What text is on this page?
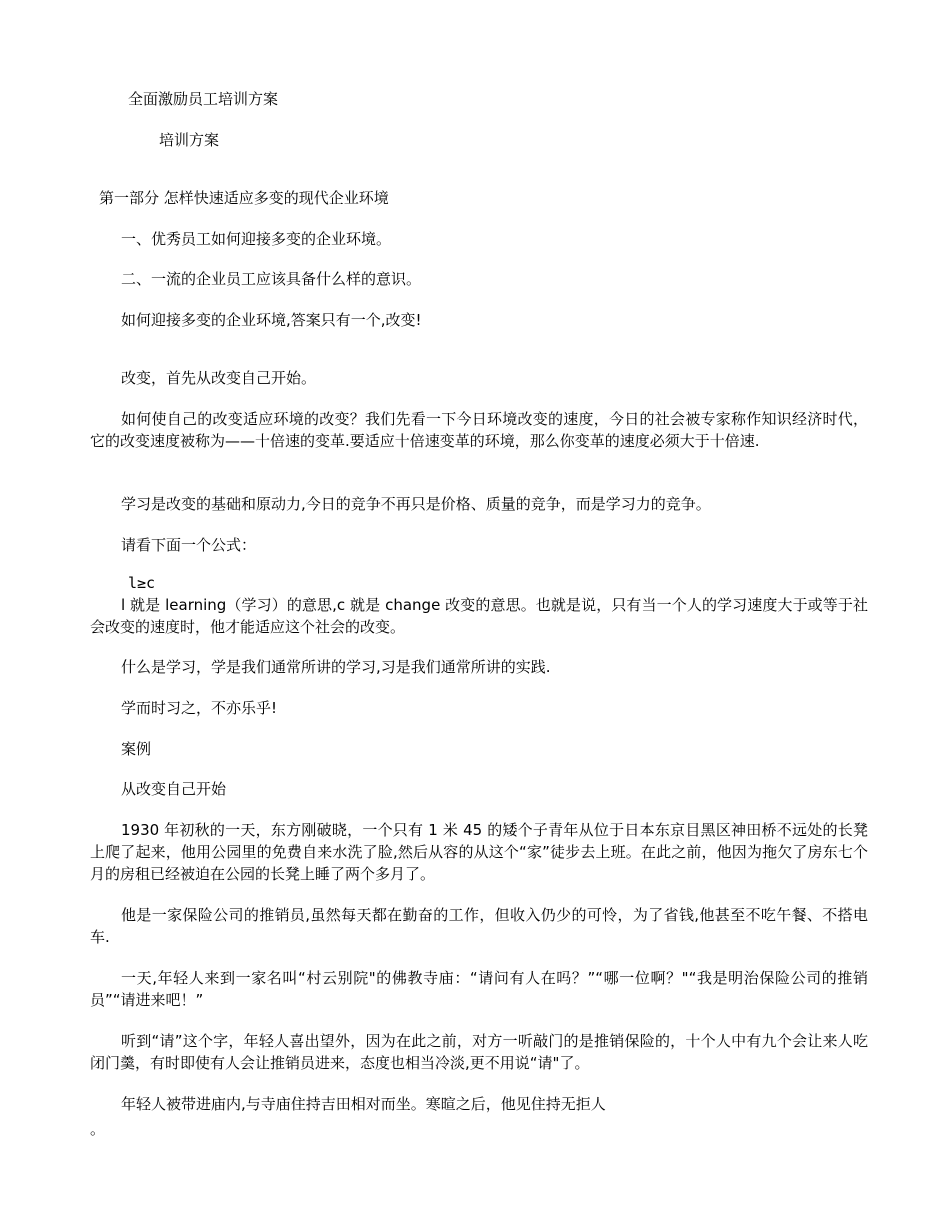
全面激励员工培训方案
培训方案
第一部分 怎样快速适应多变的现代企业环境
一、优秀员工如何迎接多变的企业环境。
二、一流的企业员工应该具备什么样的意识。
如何迎接多变的企业环境,答案只有一个,改变!
改变，首先从改变自己开始。
如何使自己的改变适应环境的改变？我们先看一下今日环境改变的速度，今日的社会被专家称作知识经济时代，它的改变速度被称为——十倍速的变革.要适应十倍速变革的环境，那么你变革的速度必须大于十倍速.
学习是改变的基础和原动力,今日的竞争不再只是价格、质量的竞争，而是学习力的竞争。
请看下面一个公式：
l≥c
l 就是 learning（学习）的意思,c 就是 change 改变的意思。也就是说，只有当一个人的学习速度大于或等于社会改变的速度时，他才能适应这个社会的改变。
什么是学习，学是我们通常所讲的学习,习是我们通常所讲的实践.
学而时习之，不亦乐乎!
案例
从改变自己开始
1930 年初秋的一天，东方刚破晓，一个只有 1 米 45 的矮个子青年从位于日本东京目黑区神田桥不远处的长凳上爬了起来，他用公园里的免费自来水洗了脸,然后从容的从这个“家”徒步去上班。在此之前，他因为拖欠了房东七个月的房租已经被迫在公园的长凳上睡了两个多月了。
他是一家保险公司的推销员,虽然每天都在勤奋的工作，但收入仍少的可怜，为了省钱,他甚至不吃午餐、不搭电车.
一天,年轻人来到一家名叫“村云别院"的佛教寺庙：“请问有人在吗？”“哪一位啊？"“我是明治保险公司的推销员”“请进来吧！”
听到“请”这个字，年轻人喜出望外，因为在此之前，对方一听敲门的是推销保险的，十个人中有九个会让来人吃闭门羹，有时即使有人会让推销员进来，态度也相当冷淡,更不用说“请"了。
年轻人被带进庙内,与寺庙住持吉田相对而坐。寒暄之后，他见住持无拒人
。
